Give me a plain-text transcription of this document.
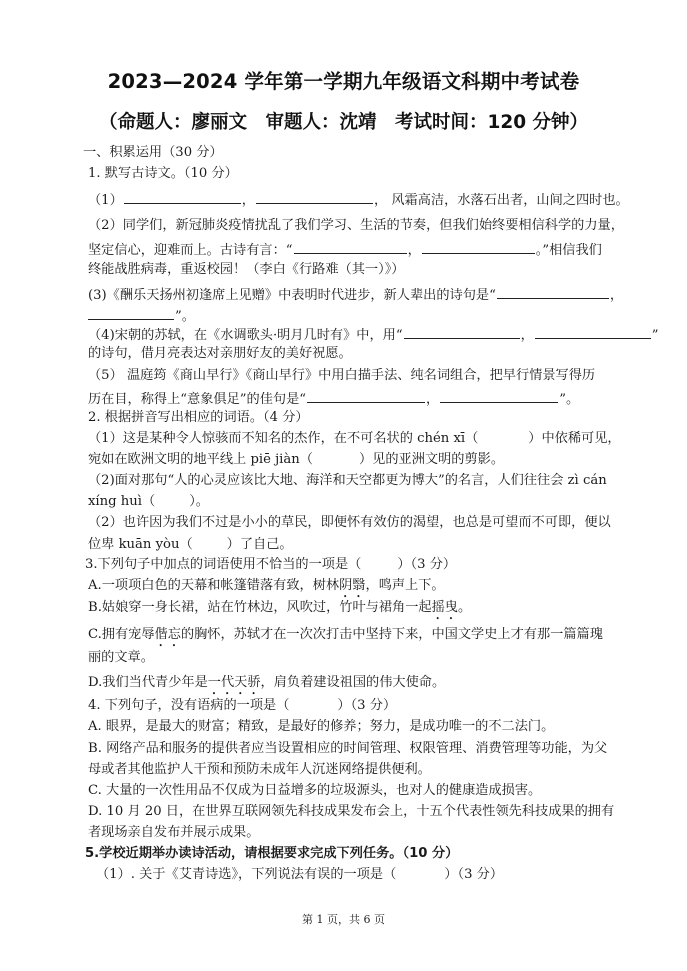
2023—2024 学年第一学期九年级语文科期中考试卷
（命题人：廖丽文　审题人：沈靖　考试时间：120 分钟）
一、积累运用（30 分）
1. 默写古诗文。（10 分）
（1）	，	， 风霜高洁，水落石出者，山间之四时也。
（2）同学们，新冠肺炎疫情扰乱了我们学习、生活的节奏，但我们始终要相信科学的力量，
坚定信心，迎难而上。古诗有言：“	，	。”相信我们
终能战胜病毒，重返校园！（李白《行路难（其一）》）
(3)《酬乐天扬州初逢席上见赠》中表明时代进步，新人辈出的诗句是“	，
”。
（4)宋朝的苏轼，在《水调歌头·明月几时有》中，用“	，	”
的诗句，借月亮表达对亲朋好友的美好祝愿。
（5） 温庭筠《商山早行》《商山早行》中用白描手法、纯名词组合，把早行情景写得历
历在目，称得上“意象俱足”的佳句是“	，	”。
2. 根据拼音写出相应的词语。（4 分）
（1）这是某种令人惊骇而不知名的杰作，在不可名状的 chén xī（	）中依稀可见，
宛如在欧洲文明的地平线上 piē jiàn（	）见的亚洲文明的剪影。
（2)面对那句“人的心灵应该比大地、海洋和天空都更为博大”的名言，人们往往会 zì cán
xíng huì（	）。
（2）也许因为我们不过是小小的草民，即便怀有效仿的渴望，也总是可望而不可即，便以
位卑 kuān yòu（	）了自己。
3.下列句子中加点的词语使用不恰当的一项是（	）（3 分）
A.一项项白色的天幕和帐篷错落有致，树林阴翳，鸣声上下。
B.姑娘穿一身长裙，站在竹林边，风吹过，竹叶与裙角一起摇曳。
C.拥有宠辱偕忘的胸怀，苏轼才在一次次打击中坚持下来，中国文学史上才有那一篇篇瑰
丽的文章。
D.我们当代青少年是一代天骄，肩负着建设祖国的伟大使命。
4. 下列句子，没有语病的一项是（	）（3 分）
A. 眼界，是最大的财富；精致，是最好的修养；努力，是成功唯一的不二法门。
B. 网络产品和服务的提供者应当设置相应的时间管理、权限管理、消费管理等功能，为父
母或者其他监护人干预和预防未成年人沉迷网络提供便利。
C. 大量的一次性用品不仅成为日益增多的垃圾源头，也对人的健康造成损害。
D. 10 月 20 日，在世界互联网领先科技成果发布会上，十五个代表性领先科技成果的拥有
者现场亲自发布并展示成果。
5.学校近期举办读诗活动，请根据要求完成下列任务。（10 分）
（1）. 关于《艾青诗选》，下列说法有误的一项是（	）（3 分）
第 1 页，共 6 页
